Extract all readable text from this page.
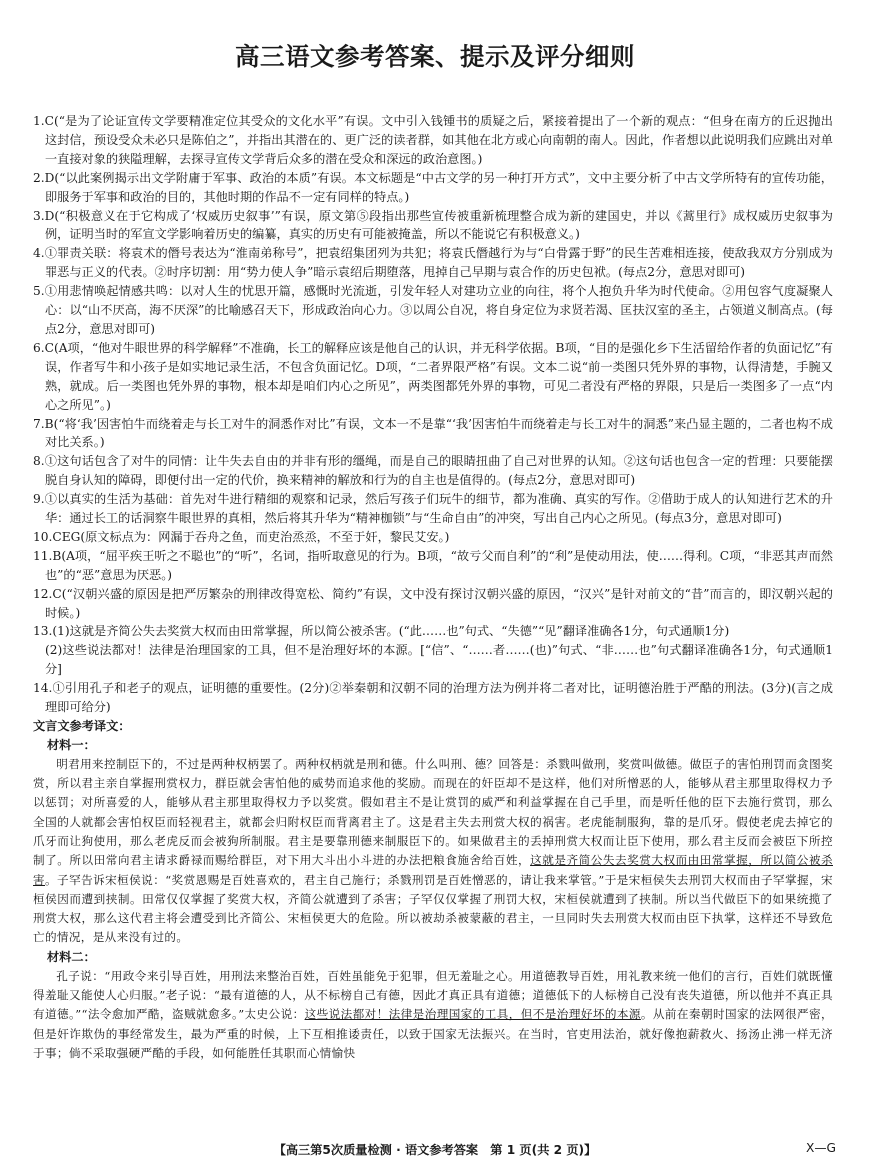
高三语文参考答案、提示及评分细则
1.C(“是为了论证宣传文学要精准定位其受众的文化水平”有误。文中引入钱锺书的质疑之后，紧接着提出了一个新的观点：“但身在南方的丘迟抛出这封信，预设受众未必只是陈伯之”，并指出其潜在的、更广泛的读者群，如其他在北方或心向南朝的南人。因此，作者想以此说明我们应跳出对单一直接对象的狭隘理解，去探寻宣传文学背后众多的潜在受众和深远的政治意图。)
2.D(“以此案例揭示出文学附庸于军事、政治的本质”有误。本文标题是“中古文学的另一种打开方式”，文中主要分析了中古文学所特有的宣传功能，即服务于军事和政治的目的，其他时期的作品不一定有同样的特点。)
3.D(“积极意义在于它构成了‘权威历史叙事’”有误，原文第⑤段指出那些宣传被重新梳理整合成为新的建国史，并以《蒿里行》成权威历史叙事为例，证明当时的军宣文学影响着历史的编纂，真实的历史有可能被掩盖，所以不能说它有积极意义。)
4.①罪责关联：将袁术的僭号表达为“淮南弟称号”，把袁绍集团列为共犯；将袁氏僭越行为与“白骨露于野”的民生苦难相连接，使敌我双方分别成为罪恶与正义的代表。②时序切割：用“势力使人争”暗示袁绍后期堕落，甩掉自己早期与袁合作的历史包袱。(每点2分，意思对即可)
5.①用悲情唤起情感共鸣：以对人生的忧思开篇，感慨时光流逝，引发年轻人对建功立业的向往，将个人抱负升华为时代使命。②用包容气度凝聚人心：以“山不厌高，海不厌深”的比喻感召天下，形成政治向心力。③以周公自况，将自身定位为求贤若渴、匡扶汉室的圣主，占领道义制高点。(每点2分，意思对即可)
6.C(A项，“他对牛眼世界的科学解释”不准确，长工的解释应该是他自己的认识，并无科学依据。B项，“目的是强化乡下生活留给作者的负面记忆”有误，作者写牛和小孩子是如实地记录生活，不包含负面记忆。D项，“二者界限严格”有误。文本二说“前一类图只凭外界的事物，认得清楚，手腕又熟，就成。后一类图也凭外界的事物，根本却是咱们内心之所见”，两类图都凭外界的事物，可见二者没有严格的界限，只是后一类图多了一点“内心之所见”。)
7.B(“将‘我’因害怕牛而绕着走与长工对牛的洞悉作对比”有误，文本一不是靠“‘我’因害怕牛而绕着走与长工对牛的洞悉”来凸显主题的，二者也构不成对比关系。)
8.①这句话包含了对牛的同情：让牛失去自由的并非有形的缰绳，而是自己的眼睛扭曲了自己对世界的认知。②这句话也包含一定的哲理：只要能摆脱自身认知的障碍，即便付出一定的代价，换来精神的解放和行为的自主也是值得的。(每点2分，意思对即可)
9.①以真实的生活为基础：首先对牛进行精细的观察和记录，然后写孩子们玩牛的细节，都为准确、真实的写作。②借助于成人的认知进行艺术的升华：通过长工的话洞察牛眼世界的真相，然后将其升华为“精神枷锁”与“生命自由”的冲突，写出自己内心之所见。(每点3分，意思对即可)
10.CEG(原文标点为：网漏于吞舟之鱼，而吏治烝烝，不至于奸，黎民艾安。)
11.B(A项，“屈平疾王听之不聪也”的“听”，名词，指听取意见的行为。B项，“故亏父而自利”的“利”是使动用法，使……得利。C项，“非恶其声而然也”的“恶”意思为厌恶。)
12.C(“汉朝兴盛的原因是把严厉繁杂的刑律改得宽松、简约”有误，文中没有探讨汉朝兴盛的原因，“汉兴”是针对前文的“昔”而言的，即汉朝兴起的时候。)
13.(1)这就是齐简公失去奖赏大权而由田常掌握，所以简公被杀害。(“此……也”句式、“失德”“见”翻译准确各1分，句式通顺1分)
(2)这些说法都对！法律是治理国家的工具，但不是治理好坏的本源。[“信”、“……者……(也)”句式、“非……也”句式翻译准确各1分，句式通顺1分]
14.①引用孔子和老子的观点，证明德的重要性。(2分)②举秦朝和汉朝不同的治理方法为例并将二者对比，证明德治胜于严酷的刑法。(3分)(言之成理即可给分)
文言文参考译文：
材料一：
明君用来控制臣下的，不过是两种权柄罢了。两种权柄就是刑和德。什么叫刑、德？回答是：杀戮叫做刑，奖赏叫做德。做臣子的害怕刑罚而贪图奖赏，所以君主亲自掌握刑赏权力，群臣就会害怕他的威势而追求他的奖励。而现在的奸臣却不是这样，他们对所憎恶的人，能够从君主那里取得权力予以惩罚；对所喜爱的人，能够从君主那里取得权力予以奖赏。假如君主不是让赏罚的威严和利益掌握在自己手里，而是听任他的臣下去施行赏罚，那么全国的人就都会害怕权臣而轻视君主，就都会归附权臣而背离君主了。这是君主失去刑赏大权的祸害。老虎能制服狗，靠的是爪牙。假使老虎去掉它的爪牙而让狗使用，那么老虎反而会被狗所制服。君主是要靠刑德来制服臣下的。如果做君主的丢掉刑赏大权而让臣下使用，那么君主反而会被臣下所控制了。所以田常向君主请求爵禄而赐给群臣，对下用大斗出小斗进的办法把粮食施舍给百姓，这就是齐简公失去奖赏大权而由田常掌握，所以简公被杀害。子罕告诉宋桓侯说：“奖赏恩赐是百姓喜欢的，君主自己施行；杀戮刑罚是百姓憎恶的，请让我来掌管。”于是宋桓侯失去刑罚大权而由子罕掌握，宋桓侯因而遭到挟制。田常仅仅掌握了奖赏大权，齐简公就遭到了杀害；子罕仅仅掌握了刑罚大权，宋桓侯就遭到了挟制。所以当代做臣下的如果统揽了刑赏大权，那么这代君主将会遭受到比齐简公、宋桓侯更大的危险。所以被劫杀被蒙蔽的君主，一旦同时失去刑赏大权而由臣下执掌，这样还不导致危亡的情况，是从来没有过的。
材料二：
孔子说：“用政令来引导百姓，用刑法来整治百姓，百姓虽能免于犯罪，但无羞耻之心。用道德教导百姓，用礼教来统一他们的言行，百姓们就既懂得羞耻又能使人心归服。”老子说：“最有道德的人，从不标榜自己有德，因此才真正具有道德；道德低下的人标榜自己没有丧失道德，所以他并不真正具有道德。”“法令愈加严酷，盗贼就愈多。”太史公说：这些说法都对！法律是治理国家的工具，但不是治理好坏的本源。从前在秦朝时国家的法网很严密，但是奸诈欺伪的事经常发生，最为严重的时候，上下互相推诿责任，以致于国家无法振兴。在当时，官吏用法治，就好像抱薪救火、扬汤止沸一样无济于事；倘不采取强硬严酷的手段，如何能胜任其职而心情愉快
【高三第5次质量检测 · 语文参考答案　第 1 页(共 2 页)】	X—G
